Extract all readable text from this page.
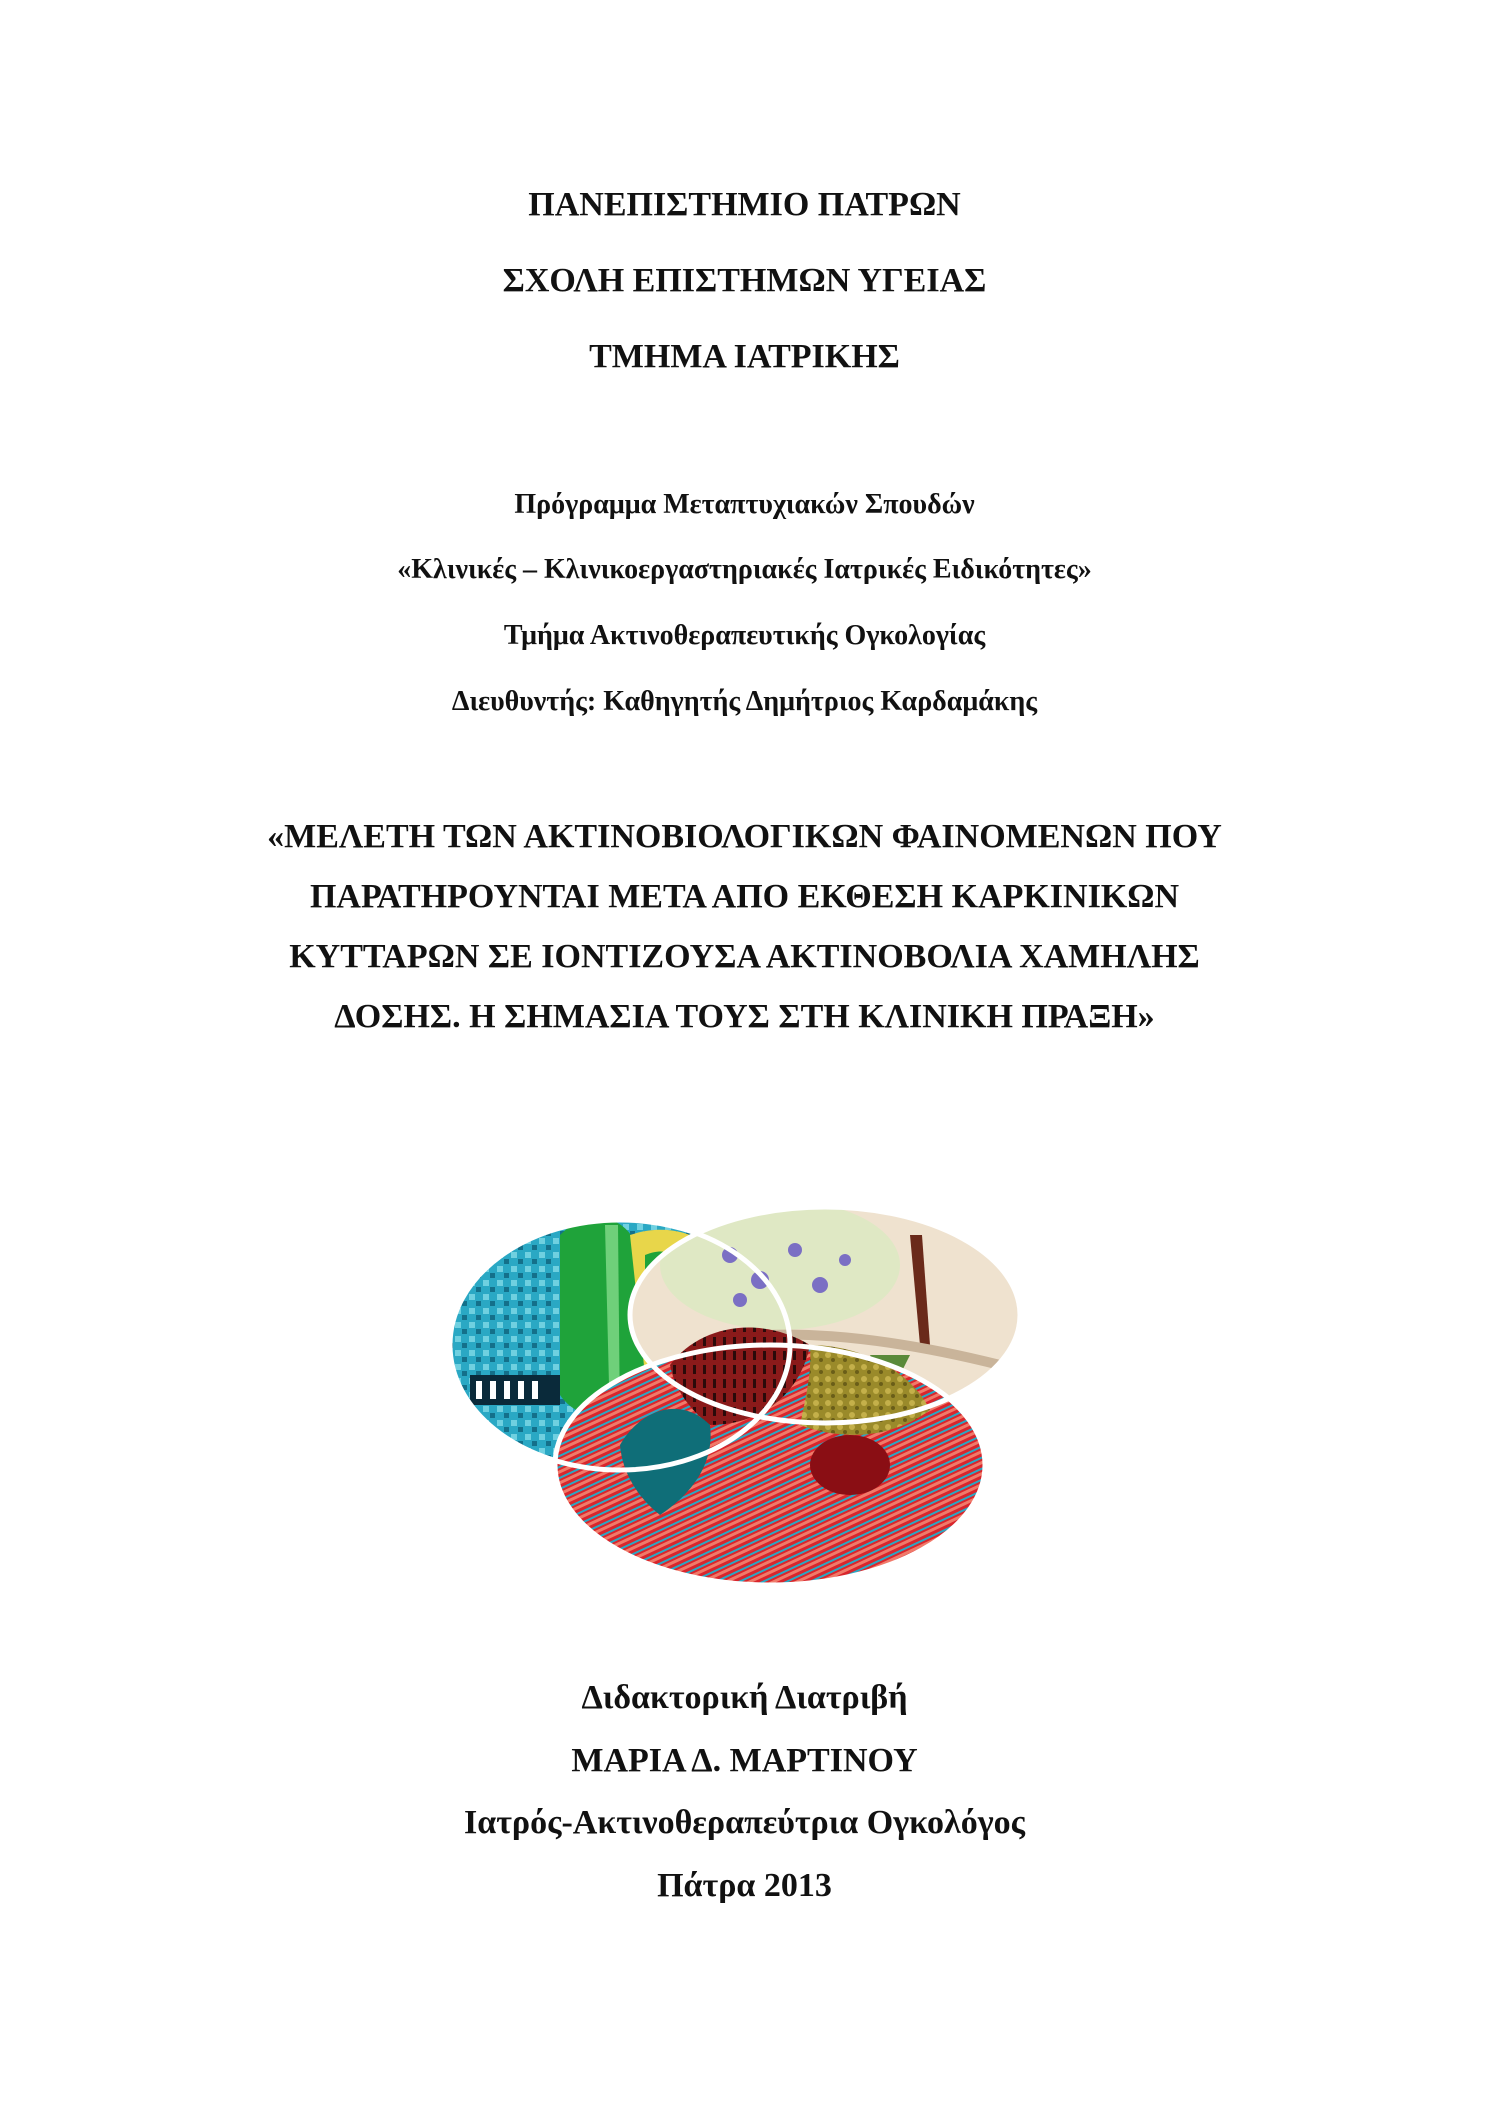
ΠΑΝΕΠΙΣΤΗΜΙΟ ΠΑΤΡΩΝ
ΣΧΟΛΗ ΕΠΙΣΤΗΜΩΝ ΥΓΕΙΑΣ
ΤΜΗΜΑ ΙΑΤΡΙΚΗΣ
Πρόγραμμα Μεταπτυχιακών Σπουδών
«Κλινικές – Κλινικοεργαστηριακές Ιατρικές Ειδικότητες»
Τμήμα Ακτινοθεραπευτικής Ογκολογίας
Διευθυντής: Καθηγητής Δημήτριος Καρδαμάκης
«ΜΕΛΕΤΗ ΤΩΝ ΑΚΤΙΝΟΒΙΟΛΟΓΙΚΩΝ ΦΑΙΝΟΜΕΝΩΝ ΠΟΥ
ΠΑΡΑΤΗΡΟΥΝΤΑΙ ΜΕΤΑ ΑΠΟ ΕΚΘΕΣΗ ΚΑΡΚΙΝΙΚΩΝ
ΚΥΤΤΑΡΩΝ ΣΕ ΙΟΝΤΙΖΟΥΣΑ ΑΚΤΙΝΟΒΟΛΙΑ ΧΑΜΗΛΗΣ
ΔΟΣΗΣ. Η ΣΗΜΑΣΙΑ ΤΟΥΣ ΣΤΗ ΚΛΙΝΙΚΗ ΠΡΑΞΗ»
Διδακτορική Διατριβή
ΜΑΡΙΑ Δ. ΜΑΡΤΙΝΟΥ
Ιατρός-Ακτινοθεραπεύτρια Ογκολόγος
Πάτρα 2013
